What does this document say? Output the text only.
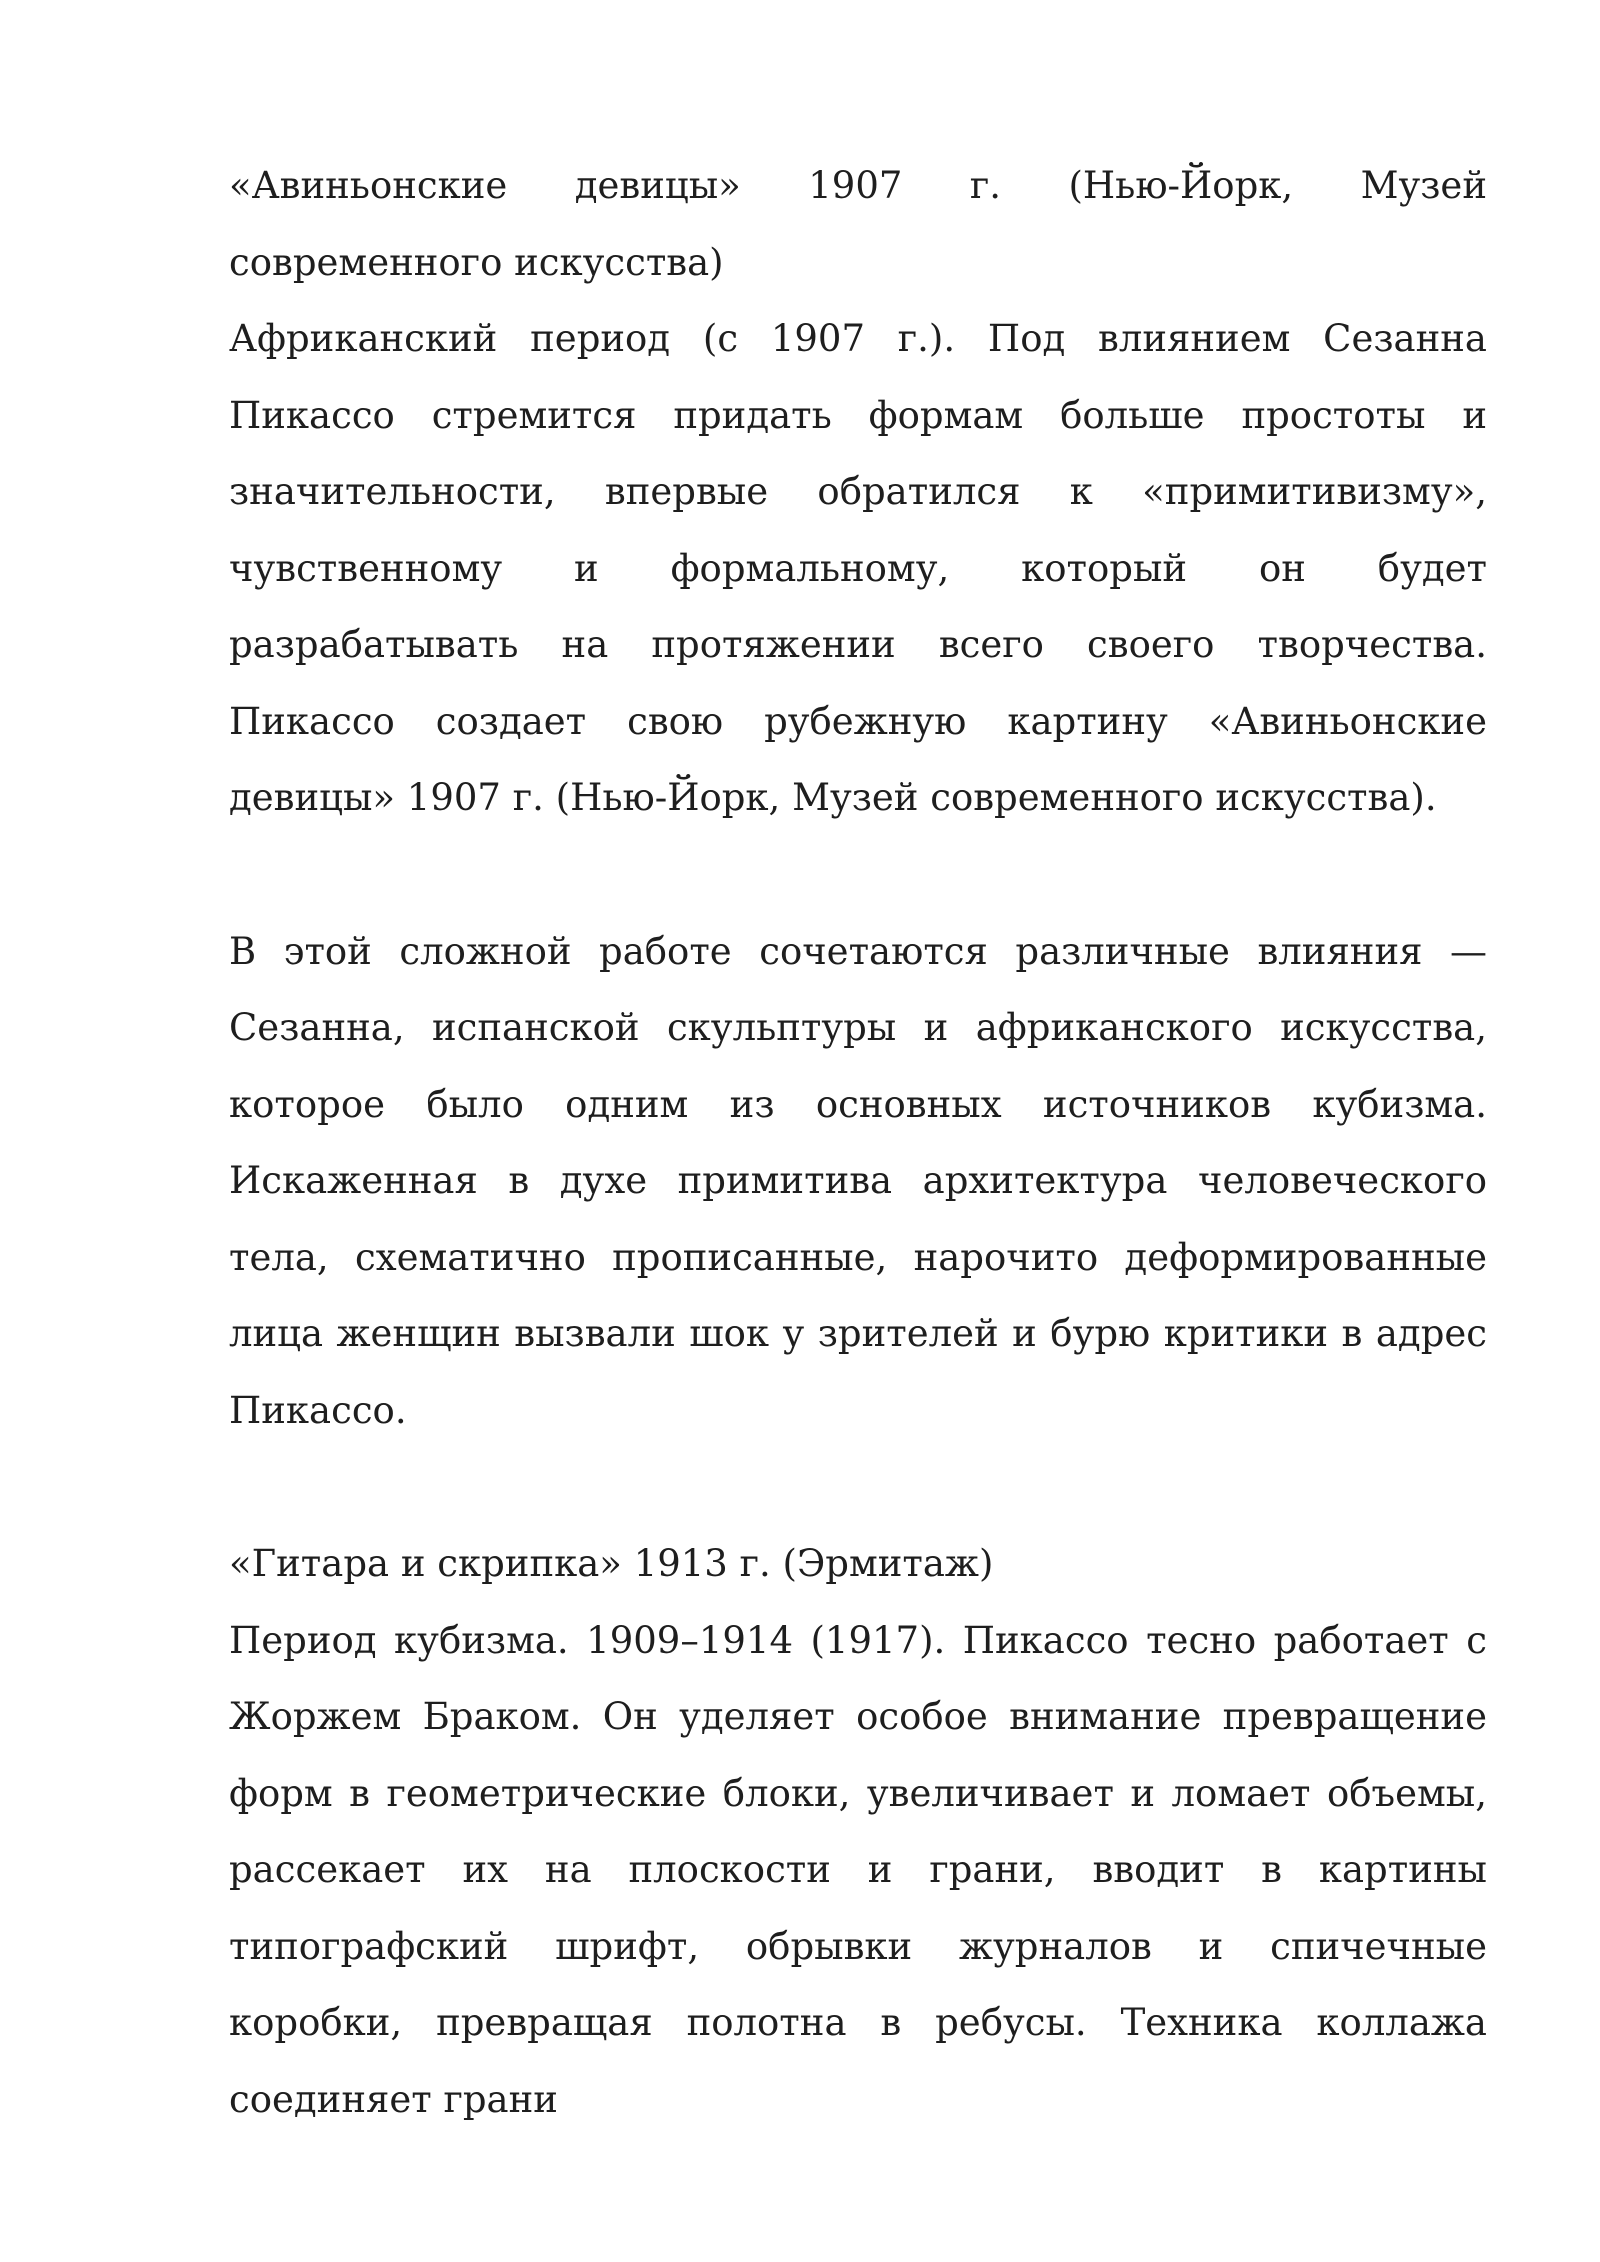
«Авиньонские девицы» 1907 г. (Нью-Йорк, Музей современного искусства)

Африканский период (с 1907 г.). Под влиянием Сезанна Пикассо стремится придать формам больше простоты и значительности, впервые обратился к «примитивизму», чувственному и формальному, который он будет разрабатывать на протяжении всего своего творчества. Пикассо создает свою рубежную картину «Авиньонские девицы» 1907 г. (Нью-Йорк, Музей современного искусства).

В этой сложной работе сочетаются различные влияния — Сезанна, испанской скульптуры и африканского искусства, которое было одним из основных источников кубизма. Искаженная в духе примитива архитектура человеческого тела, схематично прописанные, нарочито деформированные лица женщин вызвали шок у зрителей и бурю критики в адрес Пикассо.

«Гитара и скрипка» 1913 г. (Эрмитаж)

Период кубизма. 1909–1914 (1917). Пикассо тесно работает с Жоржем Браком. Он уделяет особое внимание превращение форм в геометрические блоки, увеличивает и ломает объемы, рассекает их на плоскости и грани, вводит в картины типографский шрифт, обрывки журналов и спичечные коробки, превращая полотна в ребусы. Техника коллажа соединяет грани
